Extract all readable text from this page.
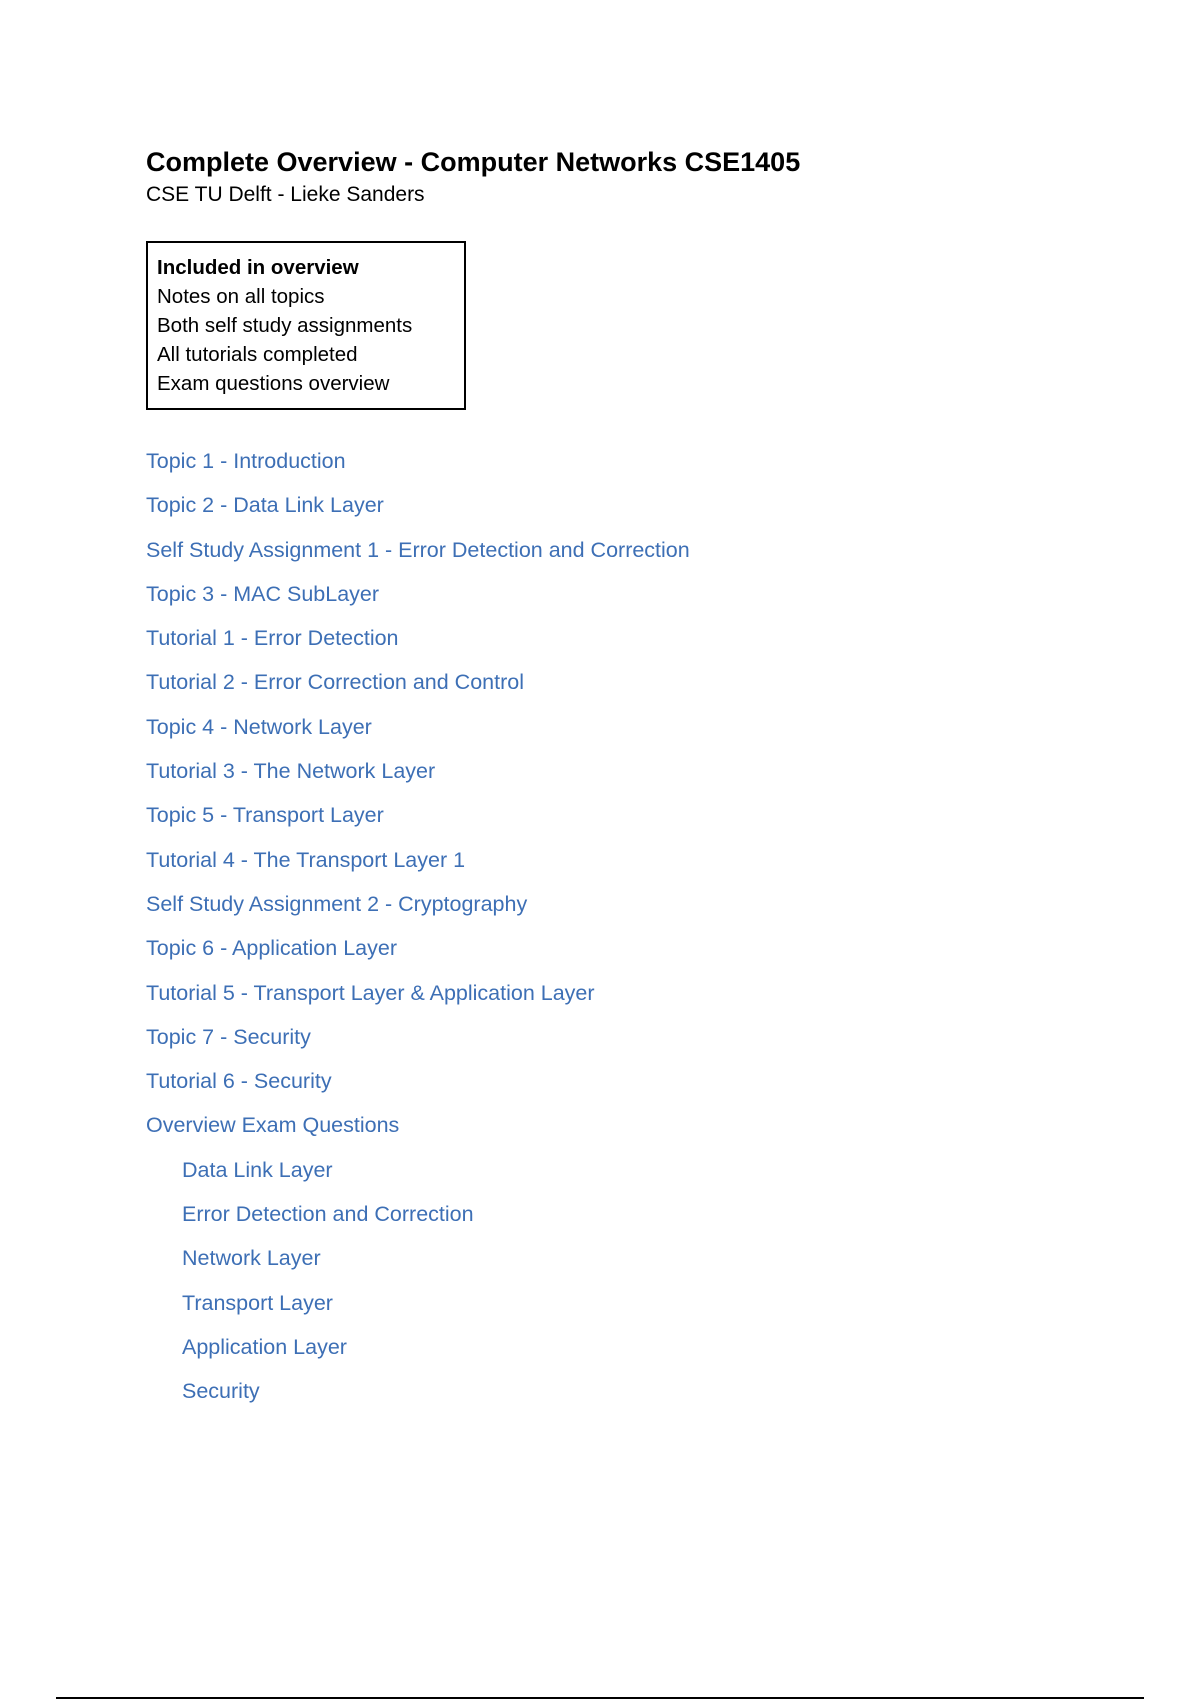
Complete Overview - Computer Networks CSE1405
CSE TU Delft - Lieke Sanders
Included in overview
Notes on all topics
Both self study assignments
All tutorials completed
Exam questions overview
Topic 1 - Introduction
Topic 2 - Data Link Layer
Self Study Assignment 1 - Error Detection and Correction
Topic 3 - MAC SubLayer
Tutorial 1 - Error Detection
Tutorial 2 - Error Correction and Control
Topic 4 - Network Layer
Tutorial 3 - The Network Layer
Topic 5 - Transport Layer
Tutorial 4 - The Transport Layer 1
Self Study Assignment 2 - Cryptography
Topic 6 - Application Layer
Tutorial 5 - Transport Layer & Application Layer
Topic 7 - Security
Tutorial 6 - Security
Overview Exam Questions
Data Link Layer
Error Detection and Correction
Network Layer
Transport Layer
Application Layer
Security
